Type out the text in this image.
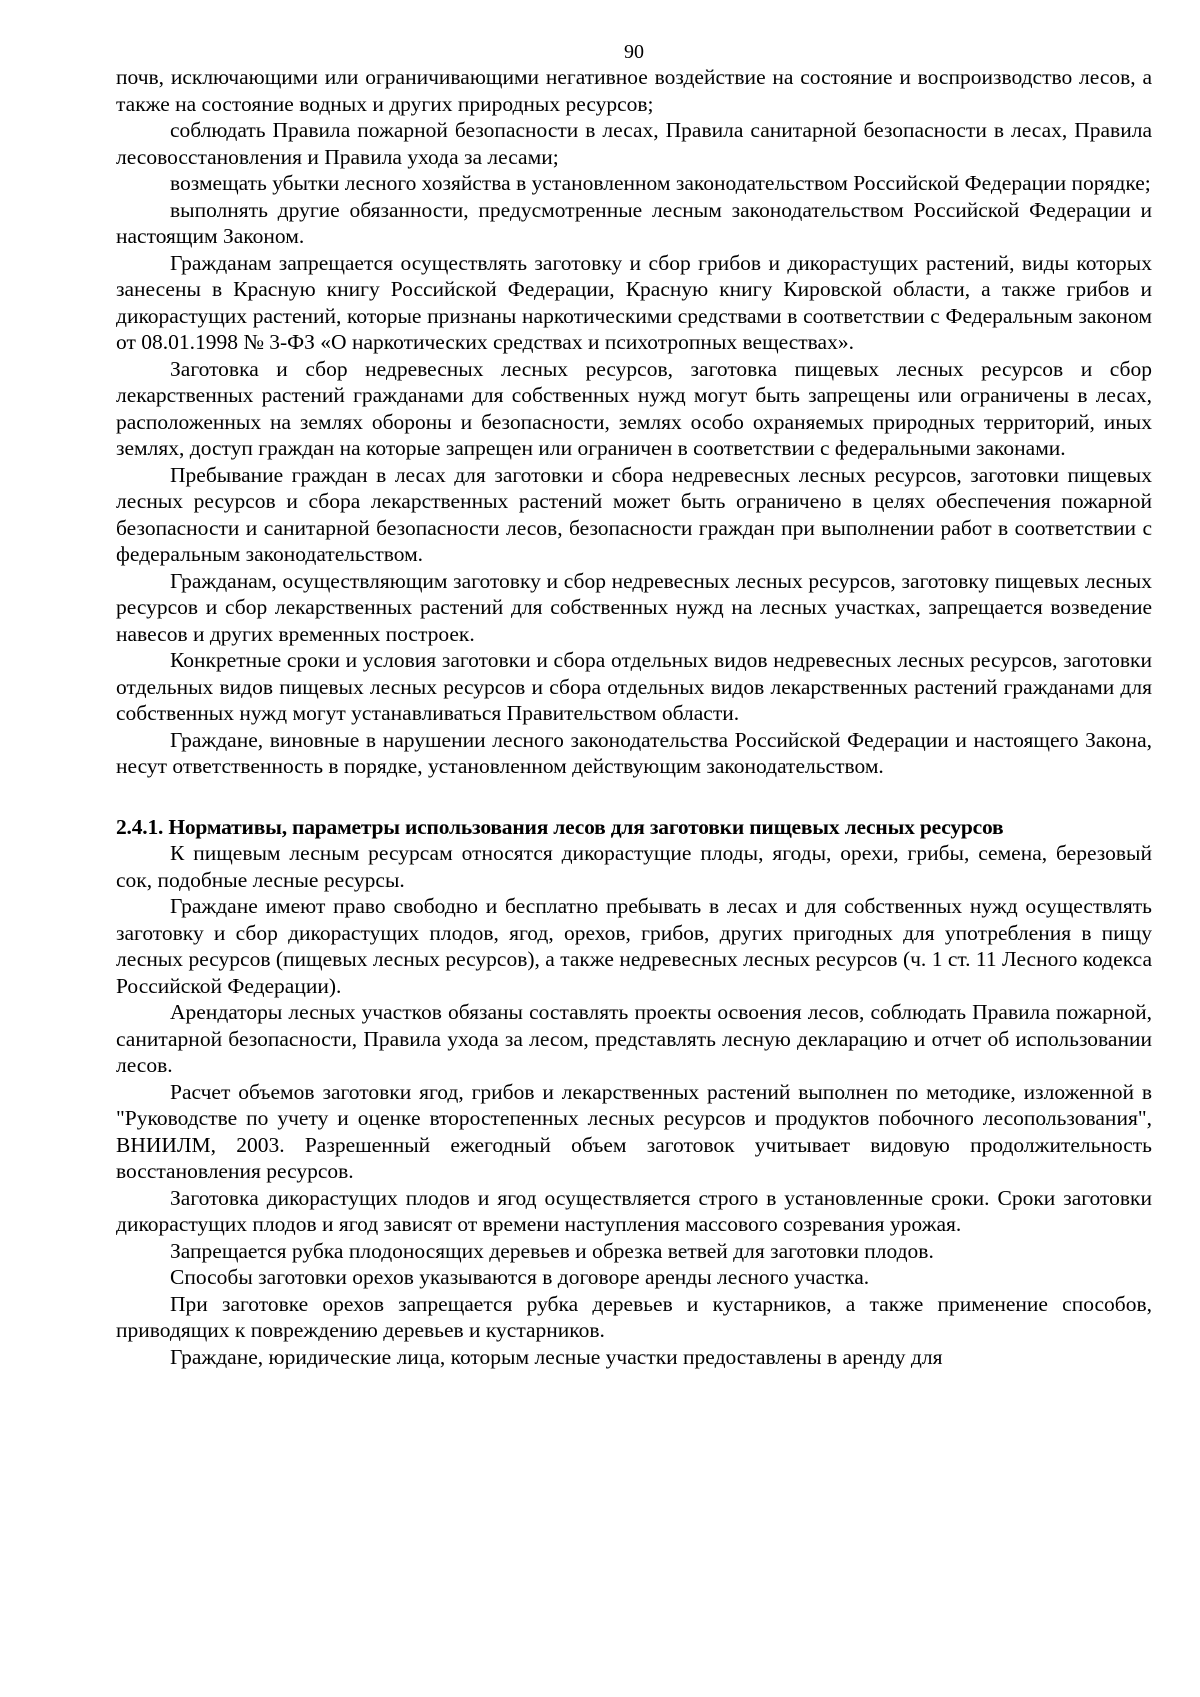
90

почв, исключающими или ограничивающими негативное воздействие на состояние и воспроизводство лесов, а также на состояние водных и других природных ресурсов;

соблюдать Правила пожарной безопасности в лесах, Правила санитарной безопасности в лесах, Правила лесовосстановления и Правила ухода за лесами;

возмещать убытки лесного хозяйства в установленном законодательством Российской Федерации порядке;

выполнять другие обязанности, предусмотренные лесным законодательством Российской Федерации и настоящим Законом.

Гражданам запрещается осуществлять заготовку и сбор грибов и дикорастущих растений, виды которых занесены в Красную книгу Российской Федерации, Красную книгу Кировской области, а также грибов и дикорастущих растений, которые признаны наркотическими средствами в соответствии с Федеральным законом от 08.01.1998 № 3-ФЗ «О наркотических средствах и психотропных веществах».

Заготовка и сбор недревесных лесных ресурсов, заготовка пищевых лесных ресурсов и сбор лекарственных растений гражданами для собственных нужд могут быть запрещены или ограничены в лесах, расположенных на землях обороны и безопасности, землях особо охраняемых природных территорий, иных землях, доступ граждан на которые запрещен или ограничен в соответствии с федеральными законами.

Пребывание граждан в лесах для заготовки и сбора недревесных лесных ресурсов, заготовки пищевых лесных ресурсов и сбора лекарственных растений может быть ограничено в целях обеспечения пожарной безопасности и санитарной безопасности лесов, безопасности граждан при выполнении работ в соответствии с федеральным законодательством.

Гражданам, осуществляющим заготовку и сбор недревесных лесных ресурсов, заготовку пищевых лесных ресурсов и сбор лекарственных растений для собственных нужд на лесных участках, запрещается возведение навесов и других временных построек.

Конкретные сроки и условия заготовки и сбора отдельных видов недревесных лесных ресурсов, заготовки отдельных видов пищевых лесных ресурсов и сбора отдельных видов лекарственных растений гражданами для собственных нужд могут устанавливаться Правительством области.

Граждане, виновные в нарушении лесного законодательства Российской Федерации и настоящего Закона, несут ответственность в порядке, установленном действующим законодательством.

2.4.1. Нормативы, параметры использования лесов для заготовки пищевых лесных ресурсов

К пищевым лесным ресурсам относятся дикорастущие плоды, ягоды, орехи, грибы, семена, березовый сок, подобные лесные ресурсы.

Граждане имеют право свободно и бесплатно пребывать в лесах и для собственных нужд осуществлять заготовку и сбор дикорастущих плодов, ягод, орехов, грибов, других пригодных для употребления в пищу лесных ресурсов (пищевых лесных ресурсов), а также недревесных лесных ресурсов (ч. 1 ст. 11 Лесного кодекса Российской Федерации).

Арендаторы лесных участков обязаны составлять проекты освоения лесов, соблюдать Правила пожарной, санитарной безопасности, Правила ухода за лесом, представлять лесную декларацию и отчет об использовании лесов.

Расчет объемов заготовки ягод, грибов и лекарственных растений выполнен по методике, изложенной в "Руководстве по учету и оценке второстепенных лесных ресурсов и продуктов побочного лесопользования", ВНИИЛМ, 2003. Разрешенный ежегодный объем заготовок учитывает видовую продолжительность восстановления ресурсов.

Заготовка дикорастущих плодов и ягод осуществляется строго в установленные сроки. Сроки заготовки дикорастущих плодов и ягод зависят от времени наступления массового созревания урожая.

Запрещается рубка плодоносящих деревьев и обрезка ветвей для заготовки плодов.

Способы заготовки орехов указываются в договоре аренды лесного участка.

При заготовке орехов запрещается рубка деревьев и кустарников, а также применение способов, приводящих к повреждению деревьев и кустарников.

Граждане, юридические лица, которым лесные участки предоставлены в аренду для
